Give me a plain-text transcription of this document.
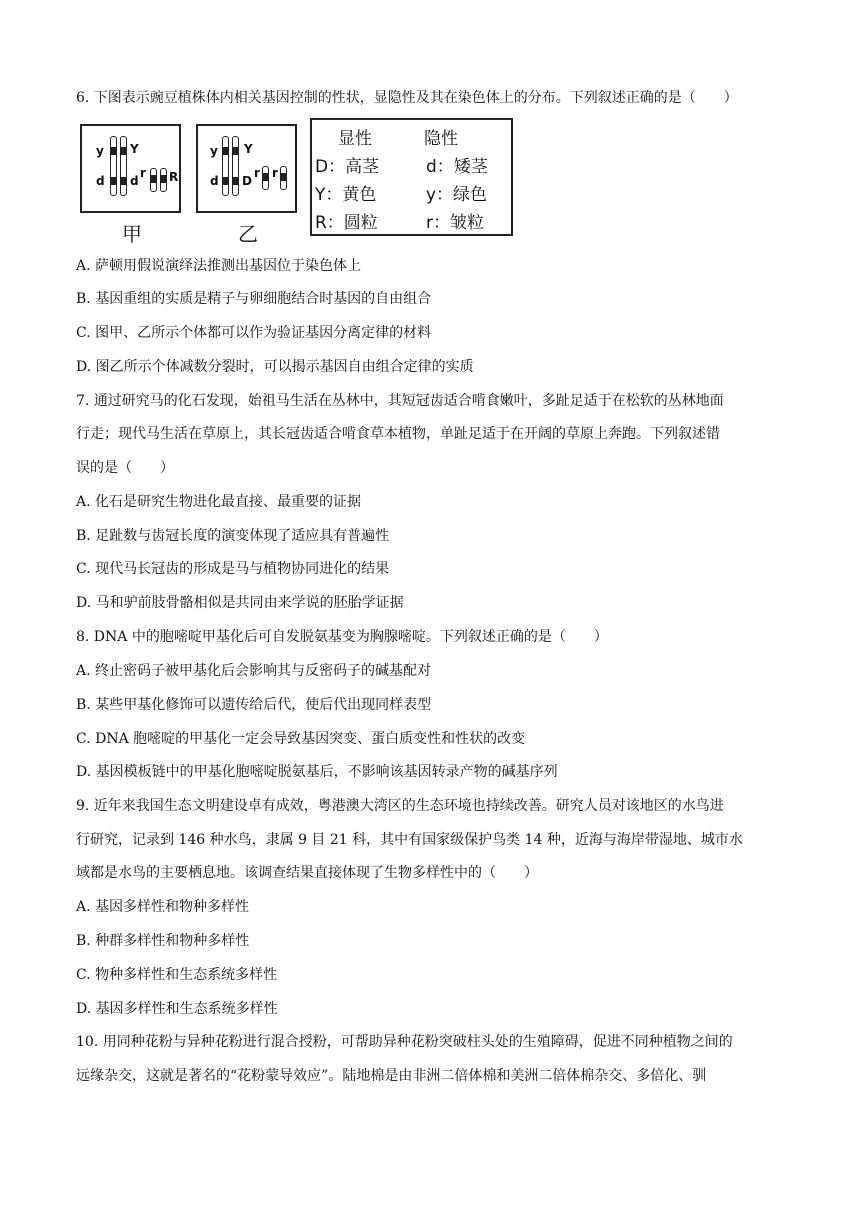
6. 下图表示豌豆植株体内相关基因控制的性状，显隐性及其在染色体上的分布。下列叙述正确的是（　　）
y Y
d d
r R
甲
y Y
d D
r r
乙
显性	隐性
D：高茎	d：矮茎
Y：黄色	y：绿色
R：圆粒	r：皱粒
A. 萨顿用假说演绎法推测出基因位于染色体上
B. 基因重组的实质是精子与卵细胞结合时基因的自由组合
C. 图甲、乙所示个体都可以作为验证基因分离定律的材料
D. 图乙所示个体减数分裂时，可以揭示基因自由组合定律的实质
7. 通过研究马的化石发现，始祖马生活在丛林中，其短冠齿适合啃食嫩叶，多趾足适于在松软的丛林地面
行走；现代马生活在草原上，其长冠齿适合啃食草本植物，单趾足适于在开阔的草原上奔跑。下列叙述错
误的是（　　）
A. 化石是研究生物进化最直接、最重要的证据
B. 足趾数与齿冠长度的演变体现了适应具有普遍性
C. 现代马长冠齿的形成是马与植物协同进化的结果
D. 马和驴前肢骨骼相似是共同由来学说的胚胎学证据
8. DNA 中的胞嘧啶甲基化后可自发脱氨基变为胸腺嘧啶。下列叙述正确的是（　　）
A. 终止密码子被甲基化后会影响其与反密码子的碱基配对
B. 某些甲基化修饰可以遗传给后代，使后代出现同样表型
C. DNA 胞嘧啶的甲基化一定会导致基因突变、蛋白质变性和性状的改变
D. 基因模板链中的甲基化胞嘧啶脱氨基后，不影响该基因转录产物的碱基序列
9. 近年来我国生态文明建设卓有成效，粤港澳大湾区的生态环境也持续改善。研究人员对该地区的水鸟进
行研究，记录到 146 种水鸟，隶属 9 目 21 科，其中有国家级保护鸟类 14 种，近海与海岸带湿地、城市水
域都是水鸟的主要栖息地。该调查结果直接体现了生物多样性中的（　　）
A. 基因多样性和物种多样性
B. 种群多样性和物种多样性
C. 物种多样性和生态系统多样性
D. 基因多样性和生态系统多样性
10. 用同种花粉与异种花粉进行混合授粉，可帮助异种花粉突破柱头处的生殖障碍，促进不同种植物之间的
远缘杂交，这就是著名的“花粉蒙导效应”。陆地棉是由非洲二倍体棉和美洲二倍体棉杂交、多倍化、驯
